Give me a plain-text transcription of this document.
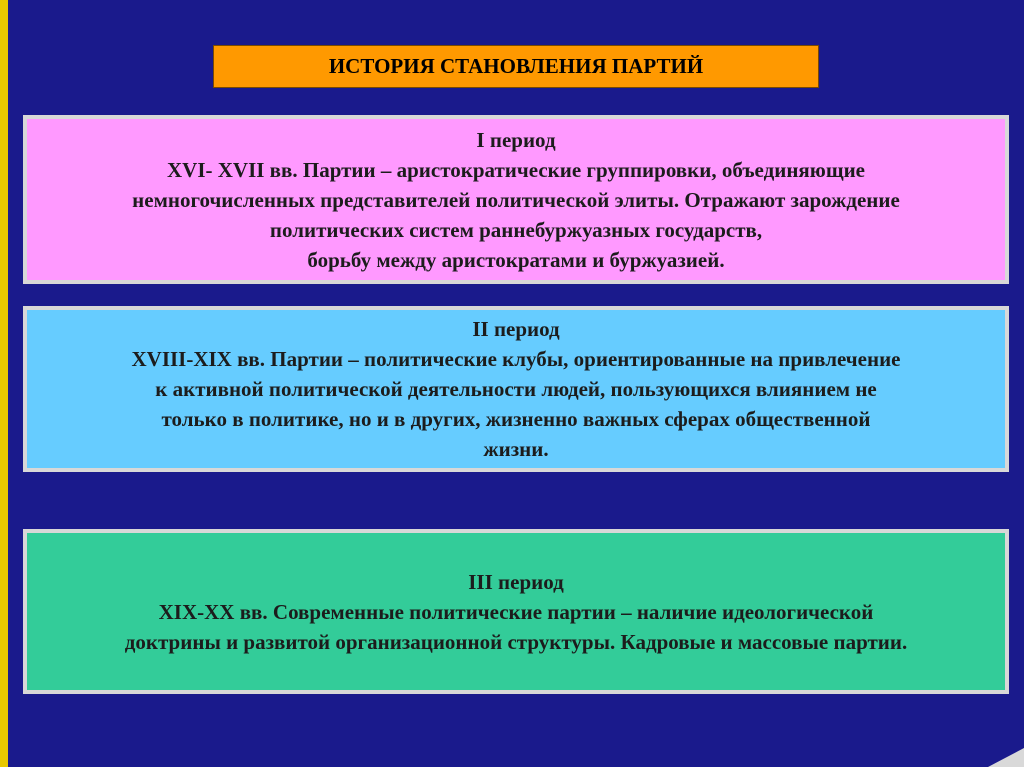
ИСТОРИЯ СТАНОВЛЕНИЯ ПАРТИЙ
I период
XVI- XVII вв. Партии – аристократические группировки, объединяющие
немногочисленных представителей политической элиты. Отражают зарождение
политических систем раннебуржуазных государств,
борьбу между аристократами и буржуазией.
II период
XVIII-XIX вв. Партии – политические клубы, ориентированные на привлечение
к активной политической деятельности людей, пользующихся влиянием не
только в политике, но и в других, жизненно важных сферах общественной
жизни.
III период
XIX-XX вв. Современные политические партии – наличие идеологической
доктрины и развитой организационной структуры. Кадровые и массовые партии.
